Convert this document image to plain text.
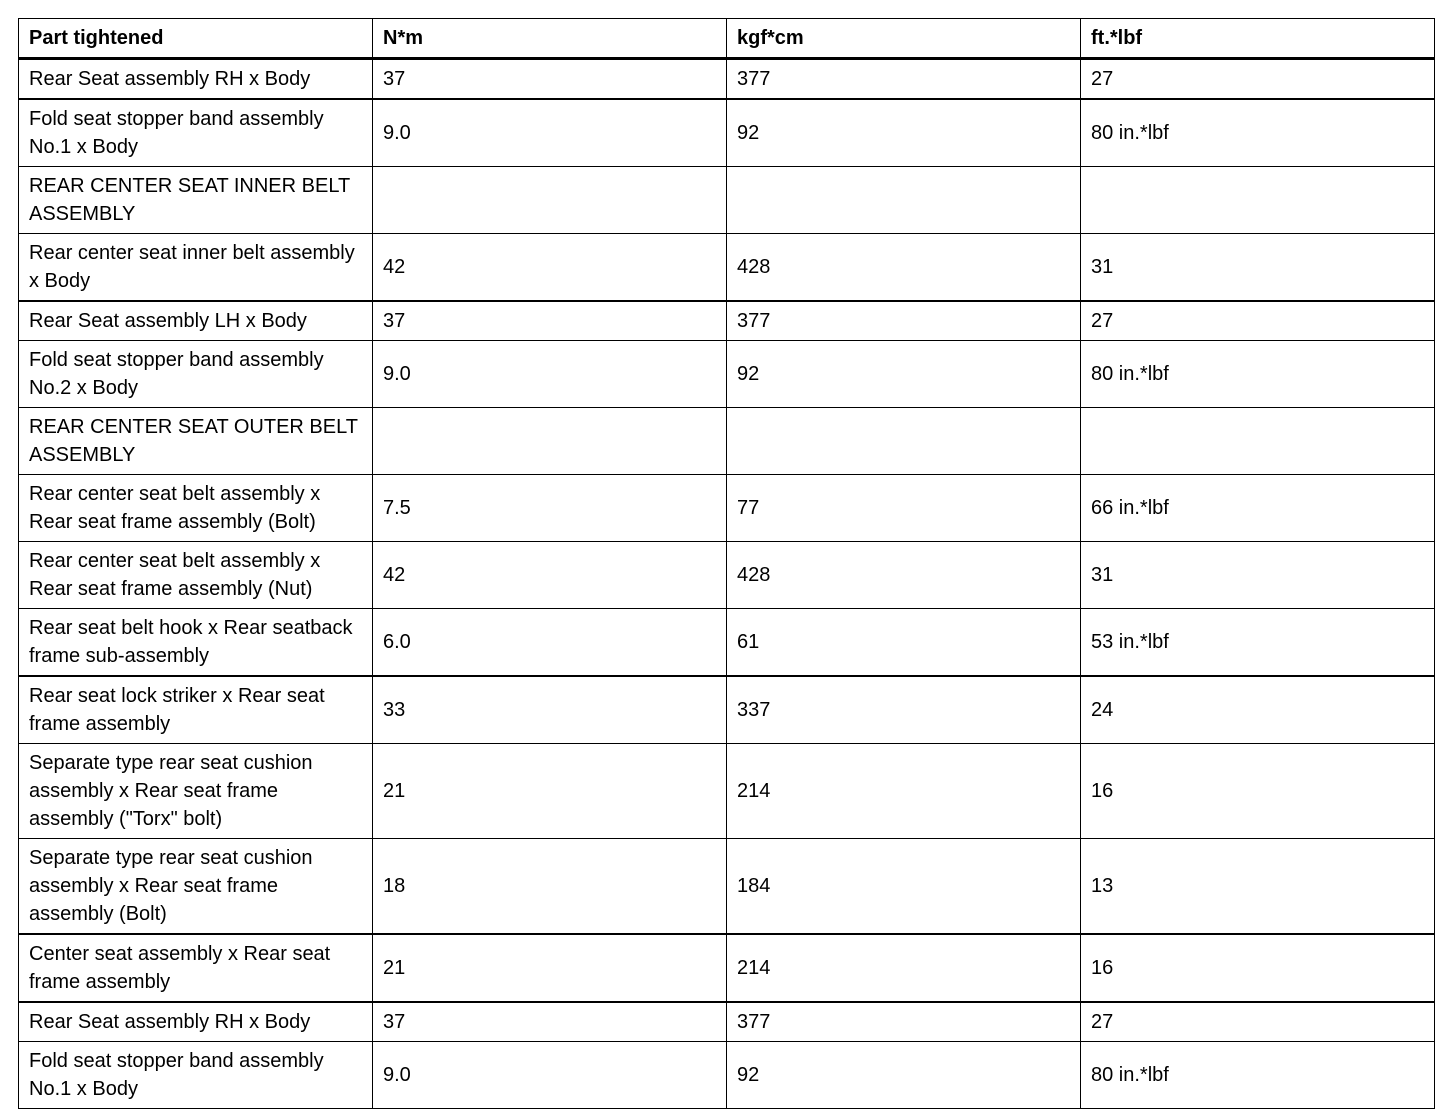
Part tightened	N*m	kgf*cm	ft.*lbf
Rear Seat assembly RH x Body	37	377	27
Fold seat stopper band assembly No.1 x Body	9.0	92	80 in.*lbf
REAR CENTER SEAT INNER BELT ASSEMBLY			
Rear center seat inner belt assembly x Body	42	428	31
Rear Seat assembly LH x Body	37	377	27
Fold seat stopper band assembly No.2 x Body	9.0	92	80 in.*lbf
REAR CENTER SEAT OUTER BELT ASSEMBLY			
Rear center seat belt assembly x Rear seat frame assembly (Bolt)	7.5	77	66 in.*lbf
Rear center seat belt assembly x Rear seat frame assembly (Nut)	42	428	31
Rear seat belt hook x Rear seatback frame sub-assembly	6.0	61	53 in.*lbf
Rear seat lock striker x Rear seat frame assembly	33	337	24
Separate type rear seat cushion assembly x Rear seat frame assembly ("Torx" bolt)	21	214	16
Separate type rear seat cushion assembly x Rear seat frame assembly (Bolt)	18	184	13
Center seat assembly x Rear seat frame assembly	21	214	16
Rear Seat assembly RH x Body	37	377	27
Fold seat stopper band assembly No.1 x Body	9.0	92	80 in.*lbf
